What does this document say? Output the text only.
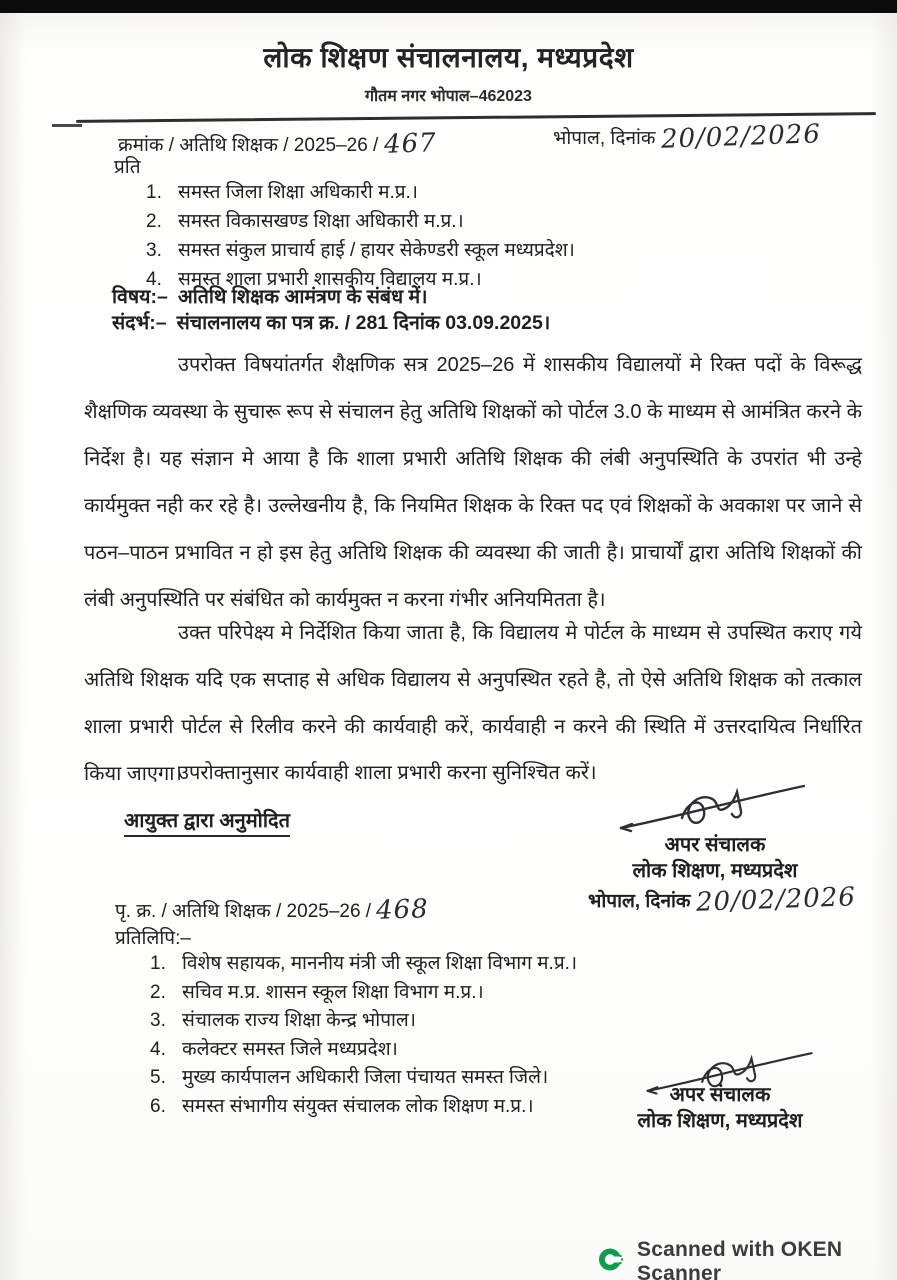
लोक शिक्षण संचालनालय, मध्यप्रदेश
गौतम नगर भोपाल–462023
क्रमांक / अतिथि शिक्षक / 2025–26 / 467	भोपाल, दिनांक 20/02/2026
प्रति
1. समस्त जिला शिक्षा अधिकारी म.प्र.।
2. समस्त विकासखण्ड शिक्षा अधिकारी म.प्र.।
3. समस्त संकुल प्राचार्य हाई / हायर सेकेण्डरी स्कूल मध्यप्रदेश।
4. समस्त शाला प्रभारी शासकीय विद्यालय म.प्र.।
विषय:– अतिथि शिक्षक आमंत्रण के संबंध में।
संदर्भ:– संचालनालय का पत्र क्र. / 281 दिनांक 03.09.2025।
उपरोक्त विषयांतर्गत शैक्षणिक सत्र 2025–26 में शासकीय विद्यालयों मे रिक्त पदों के विरूद्ध शैक्षणिक व्यवस्था के सुचारू रूप से संचालन हेतु अतिथि शिक्षकों को पोर्टल 3.0 के माध्यम से आमंत्रित करने के निर्देश है। यह संज्ञान मे आया है कि शाला प्रभारी अतिथि शिक्षक की लंबी अनुपस्थिति के उपरांत भी उन्हे कार्यमुक्त नही कर रहे है। उल्लेखनीय है, कि नियमित शिक्षक के रिक्त पद एवं शिक्षकों के अवकाश पर जाने से पठन–पाठन प्रभावित न हो इस हेतु अतिथि शिक्षक की व्यवस्था की जाती है। प्राचार्यों द्वारा अतिथि शिक्षकों की लंबी अनुपस्थिति पर संबंधित को कार्यमुक्त न करना गंभीर अनियमितता है।
उक्त परिपेक्ष्य मे निर्देशित किया जाता है, कि विद्यालय मे पोर्टल के माध्यम से उपस्थित कराए गये अतिथि शिक्षक यदि एक सप्ताह से अधिक विद्यालय से अनुपस्थित रहते है, तो ऐसे अतिथि शिक्षक को तत्काल शाला प्रभारी पोर्टल से रिलीव करने की कार्यवाही करें, कार्यवाही न करने की स्थिति में उत्तरदायित्व निर्धारित किया जाएगा।
उपरोक्तानुसार कार्यवाही शाला प्रभारी करना सुनिश्चित करें।
आयुक्त द्वारा अनुमोदित
अपर संचालक
लोक शिक्षण, मध्यप्रदेश
भोपाल, दिनांक 20/02/2026
पृ. क्र. / अतिथि शिक्षक / 2025–26 / 468
प्रतिलिपि:–
1. विशेष सहायक, माननीय मंत्री जी स्कूल शिक्षा विभाग म.प्र.।
2. सचिव म.प्र. शासन स्कूल शिक्षा विभाग म.प्र.।
3. संचालक राज्य शिक्षा केन्द्र भोपाल।
4. कलेक्टर समस्त जिले मध्यप्रदेश।
5. मुख्य कार्यपालन अधिकारी जिला पंचायत समस्त जिले।
6. समस्त संभागीय संयुक्त संचालक लोक शिक्षण म.प्र.।	अपर संचालक
लोक शिक्षण, मध्यप्रदेश
Scanned with OKEN Scanner
